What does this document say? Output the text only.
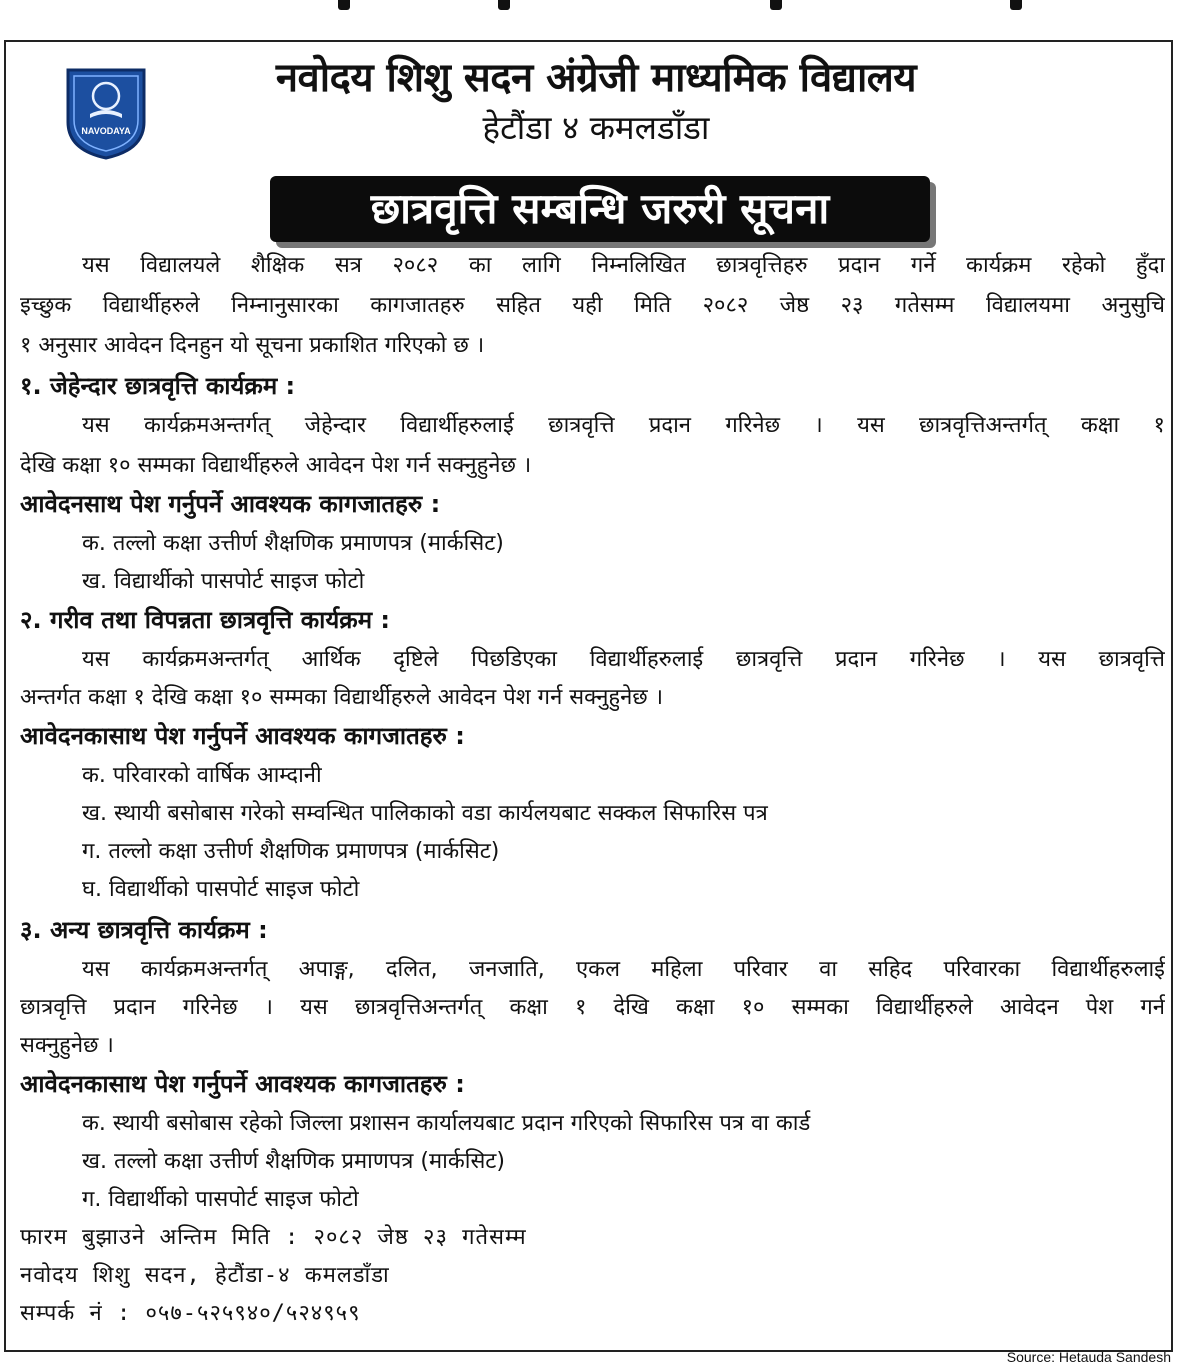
NAVODAYA
नवोदय शिशु सदन अंग्रेजी माध्यमिक विद्यालय
हेटौंडा ४ कमलडाँडा
छात्रवृत्ति सम्बन्धि जरुरी सूचना
यस विद्यालयले शैक्षिक सत्र २०८२ का लागि निम्नलिखित छात्रवृत्तिहरु प्रदान गर्ने कार्यक्रम रहेको हुँदा
इच्छुक विद्यार्थीहरुले निम्नानुसारका कागजातहरु सहित यही मिति २०८२ जेष्ठ २३ गतेसम्म विद्यालयमा अनुसुचि
१ अनुसार आवेदन दिनहुन यो सूचना प्रकाशित गरिएको छ ।
१. जेहेन्दार छात्रवृत्ति कार्यक्रम :
यस कार्यक्रमअन्तर्गत् जेहेन्दार विद्यार्थीहरुलाई छात्रवृत्ति प्रदान गरिनेछ । यस छात्रवृत्तिअन्तर्गत् कक्षा १
देखि कक्षा १० सम्मका विद्यार्थीहरुले आवेदन पेश गर्न सक्नुहुनेछ ।
आवेदनसाथ पेश गर्नुपर्ने आवश्यक कागजातहरु :
क. तल्लो कक्षा उत्तीर्ण शैक्षणिक प्रमाणपत्र (मार्कसिट)
ख. विद्यार्थीको पासपोर्ट साइज फोटो
२. गरीव तथा विपन्नता छात्रवृत्ति कार्यक्रम :
यस कार्यक्रमअन्तर्गत् आर्थिक दृष्टिले पिछडिएका विद्यार्थीहरुलाई छात्रवृत्ति प्रदान गरिनेछ । यस छात्रवृत्ति
अन्तर्गत कक्षा १ देखि कक्षा १० सम्मका विद्यार्थीहरुले आवेदन पेश गर्न सक्नुहुनेछ ।
आवेदनकासाथ पेश गर्नुपर्ने आवश्यक कागजातहरु :
क. परिवारको वार्षिक आम्दानी
ख. स्थायी बसोबास गरेको सम्वन्धित पालिकाको वडा कार्यलयबाट सक्कल सिफारिस पत्र
ग. तल्लो कक्षा उत्तीर्ण शैक्षणिक प्रमाणपत्र (मार्कसिट)
घ. विद्यार्थीको पासपोर्ट साइज फोटो
३. अन्य छात्रवृत्ति कार्यक्रम :
यस कार्यक्रमअन्तर्गत् अपाङ्ग, दलित, जनजाति, एकल महिला परिवार वा सहिद परिवारका विद्यार्थीहरुलाई
छात्रवृत्ति प्रदान गरिनेछ । यस छात्रवृत्तिअन्तर्गत् कक्षा १ देखि कक्षा १० सम्मका विद्यार्थीहरुले आवेदन पेश गर्न
सक्नुहुनेछ ।
आवेदनकासाथ पेश गर्नुपर्ने आवश्यक कागजातहरु :
क. स्थायी बसोबास रहेको जिल्ला प्रशासन कार्यालयबाट प्रदान गरिएको सिफारिस पत्र वा कार्ड
ख. तल्लो कक्षा उत्तीर्ण शैक्षणिक प्रमाणपत्र (मार्कसिट)
ग. विद्यार्थीको पासपोर्ट साइज फोटो
फारम बुझाउने अन्तिम मिति : २०८२ जेष्ठ २३ गतेसम्म
नवोदय शिशु सदन, हेटौंडा-४ कमलडाँडा
सम्पर्क नं : ०५७-५२५९४०/५२४९५९
Source: Hetauda Sandesh
